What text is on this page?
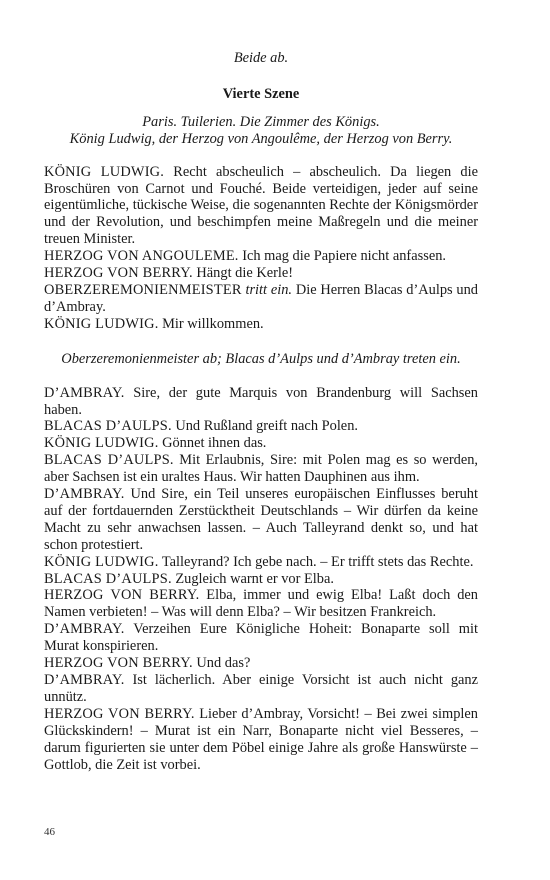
Beide ab.
Vierte Szene
Paris. Tuilerien. Die Zimmer des Königs.
König Ludwig, der Herzog von Angoulême, der Herzog von Berry.
KÖNIG LUDWIG. Recht abscheulich – abscheulich. Da liegen die Broschüren von Carnot und Fouché. Beide verteidigen, jeder auf seine eigentümliche, tückische Weise, die sogenannten Rechte der Königsmörder und der Revolution, und beschimpfen meine Maßregeln und die meiner treuen Minister.
HERZOG VON ANGOULEME. Ich mag die Papiere nicht anfassen.
HERZOG VON BERRY. Hängt die Kerle!
OBERZEREMONIENMEISTER tritt ein. Die Herren Blacas d’Aulps und d’Ambray.
KÖNIG LUDWIG. Mir willkommen.
Oberzeremonienmeister ab; Blacas d’Aulps und d’Ambray treten ein.
D’AMBRAY. Sire, der gute Marquis von Brandenburg will Sachsen haben.
BLACAS D’AULPS. Und Rußland greift nach Polen.
KÖNIG LUDWIG. Gönnet ihnen das.
BLACAS D’AULPS. Mit Erlaubnis, Sire: mit Polen mag es so werden, aber Sachsen ist ein uraltes Haus. Wir hatten Dauphinen aus ihm.
D’AMBRAY. Und Sire, ein Teil unseres europäischen Einflusses beruht auf der fortdauernden Zerstücktheit Deutschlands – Wir dürfen da keine Macht zu sehr anwachsen lassen. – Auch Talleyrand denkt so, und hat schon protestiert.
KÖNIG LUDWIG. Talleyrand? Ich gebe nach. – Er trifft stets das Rechte.
BLACAS D’AULPS. Zugleich warnt er vor Elba.
HERZOG VON BERRY. Elba, immer und ewig Elba! Laßt doch den Namen verbieten! – Was will denn Elba? – Wir besitzen Frankreich.
D’AMBRAY. Verzeihen Eure Königliche Hoheit: Bonaparte soll mit Murat konspirieren.
HERZOG VON BERRY. Und das?
D’AMBRAY. Ist lächerlich. Aber einige Vorsicht ist auch nicht ganz unnütz.
HERZOG VON BERRY. Lieber d’Ambray, Vorsicht! – Bei zwei simplen Glückskindern! – Murat ist ein Narr, Bonaparte nicht viel Besseres, – darum figurierten sie unter dem Pöbel einige Jahre als große Hanswürste – Gottlob, die Zeit ist vorbei.
46
